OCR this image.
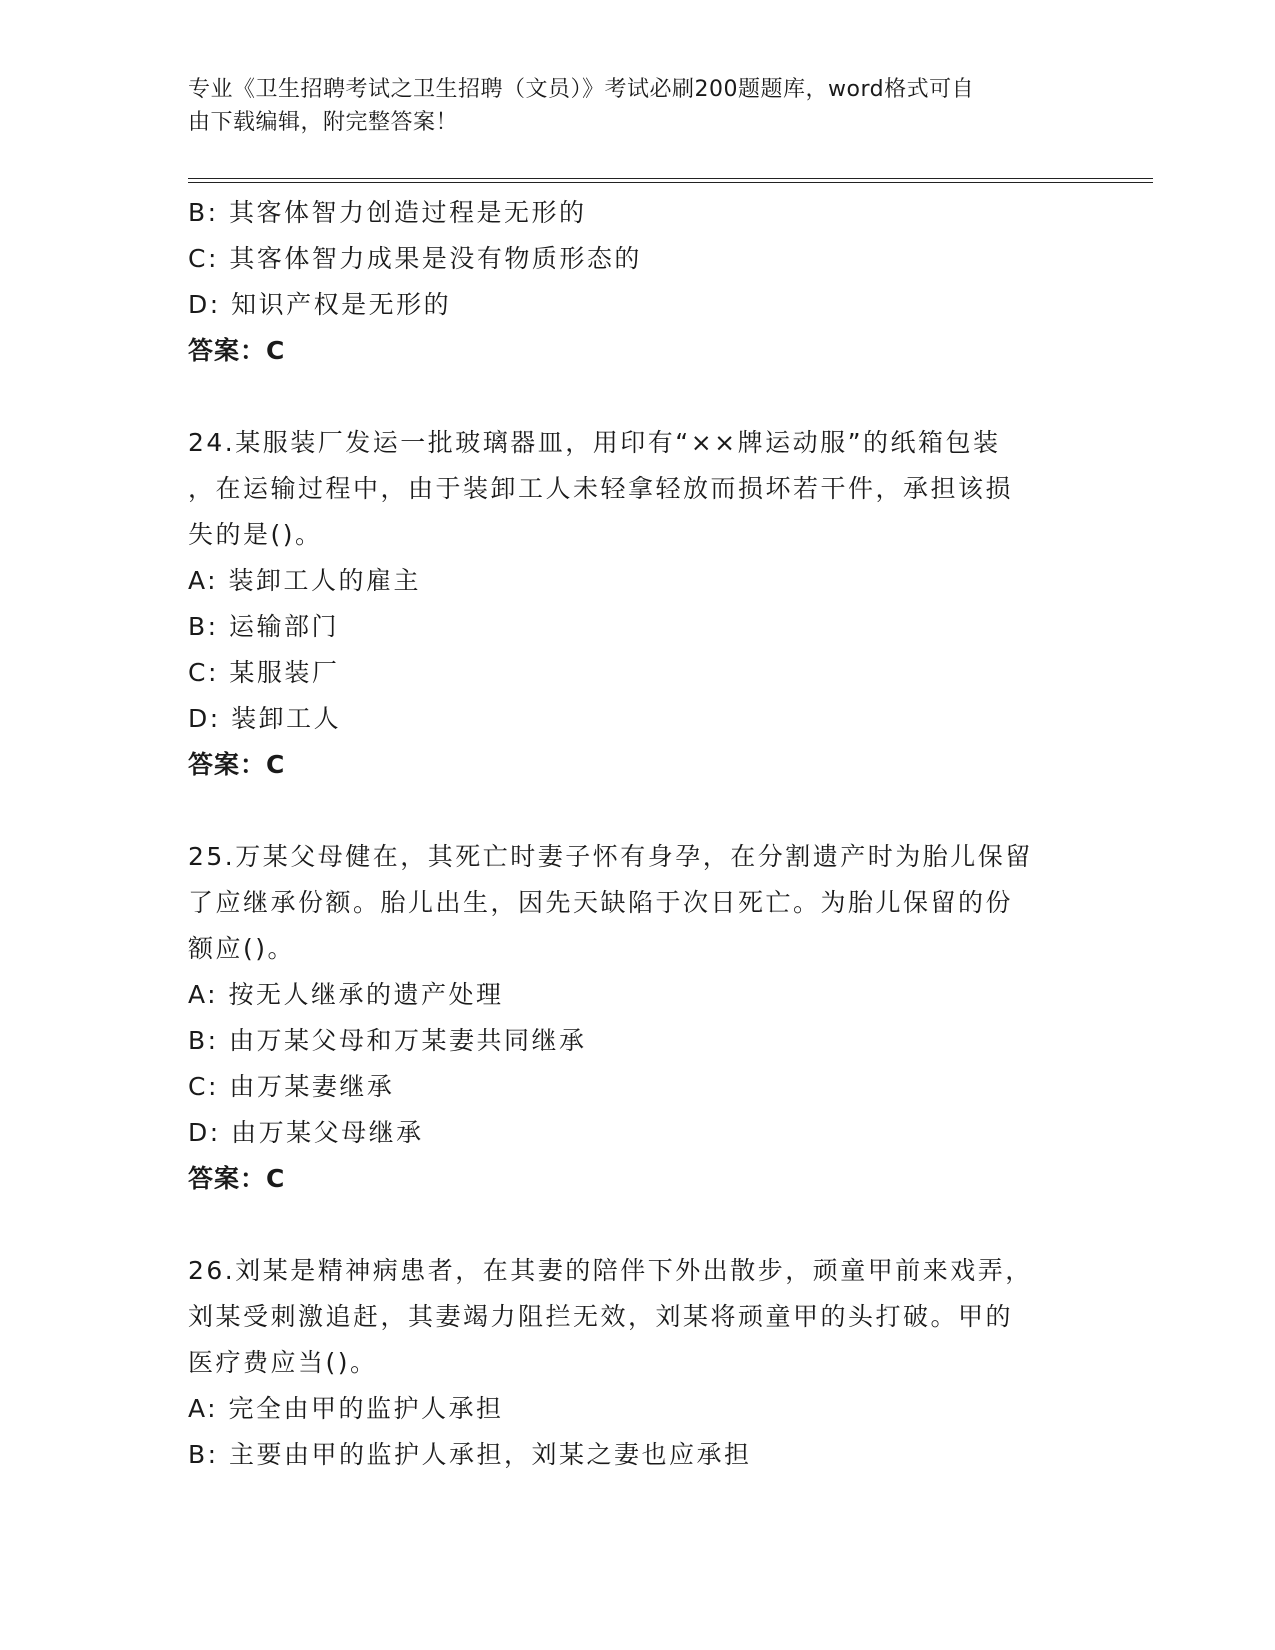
专业《卫生招聘考试之卫生招聘（文员）》考试必刷200题题库，word格式可自
由下载编辑，附完整答案！
B: 其客体智力创造过程是无形的
C: 其客体智力成果是没有物质形态的
D: 知识产权是无形的
答案：C
24.某服装厂发运一批玻璃器皿，用印有“××牌运动服”的纸箱包装
，在运输过程中，由于装卸工人未轻拿轻放而损坏若干件，承担该损
失的是()。
A: 装卸工人的雇主
B: 运输部门
C: 某服装厂
D: 装卸工人
答案：C
25.万某父母健在，其死亡时妻子怀有身孕，在分割遗产时为胎儿保留
了应继承份额。胎儿出生，因先天缺陷于次日死亡。为胎儿保留的份
额应()。
A: 按无人继承的遗产处理
B: 由万某父母和万某妻共同继承
C: 由万某妻继承
D: 由万某父母继承
答案：C
26.刘某是精神病患者，在其妻的陪伴下外出散步，顽童甲前来戏弄，
刘某受刺激追赶，其妻竭力阻拦无效，刘某将顽童甲的头打破。甲的
医疗费应当()。
A: 完全由甲的监护人承担
B: 主要由甲的监护人承担，刘某之妻也应承担
